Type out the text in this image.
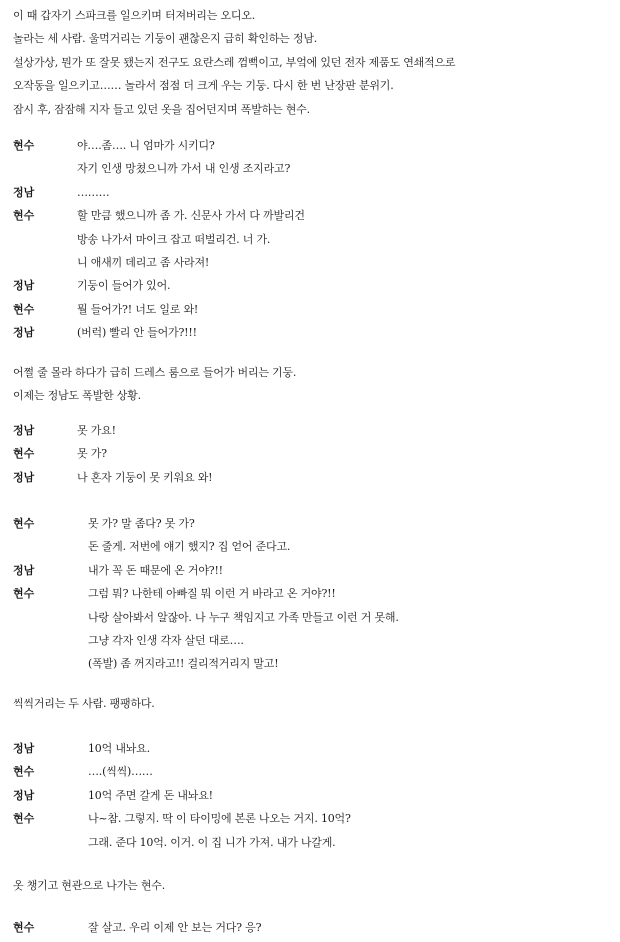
이 때 갑자기 스파크를 일으키며 터져버리는 오디오.
놀라는 세 사람. 울먹거리는 기둥이 괜찮은지 급히 확인하는 정남.
설상가상, 뭔가 또 잘못 됐는지 전구도 요란스레 껌뻑이고, 부엌에 있던 전자 제품도 연쇄적으로
오작동을 일으키고…… 놀라서 점점 더 크게 우는 기둥. 다시 한 번 난장판 분위기.
잠시 후, 잠잠해 지자 들고 있던 옷을 집어던지며 폭발하는 현수.
현수	야….좀…. 니 엄마가 시키디?
자기 인생 망쳤으니까 가서 내 인생 조지라고?
정남	………
현수	할 만큼 했으니까 좀 가. 신문사 가서 다 까발리건
방송 나가서 마이크 잡고 떠벌리건. 너 가.
니 애새끼 데리고 좀 사라져!
정남	기둥이 들어가 있어.
현수	뭘 들어가?! 너도 일로 와!
정남	(버럭) 빨리 안 들어가?!!!
어쩔 줄 몰라 하다가 급히 드레스 룸으로 들어가 버리는 기둥.
이제는 정남도 폭발한 상황.
정남	못 가요!
현수	못 가?
정남	나 혼자 기둥이 못 키워요 와!
현수	못 가? 말 좀다? 못 가?
돈 줄게. 저번에 얘기 했지? 집 얻어 준다고.
정남	내가 꼭 돈 때문에 온 거야?!!
현수	그럼 뭐? 나한테 아빠질 뭐 이런 거 바라고 온 거야?!!
나랑 살아봐서 알잖아. 나 누구 책임지고 가족 만들고 이런 거 못해.
그냥 각자 인생 각자 살던 대로….
(폭발) 좀 꺼지라고!! 걸리적거리지 말고!
씩씩거리는 두 사람. 팽팽하다.
정남	10억 내놔요.
현수	….(씩씩)……
정남	10억 주면 갈게 돈 내놔요!
현수	나~참. 그렇지. 딱 이 타이밍에 본론 나오는 거지. 10억?
그래. 준다 10억. 이거. 이 집 니가 가져. 내가 나갈게.
옷 챙기고 현관으로 나가는 현수.
현수	잘 살고. 우리 이제 안 보는 거다? 응?
